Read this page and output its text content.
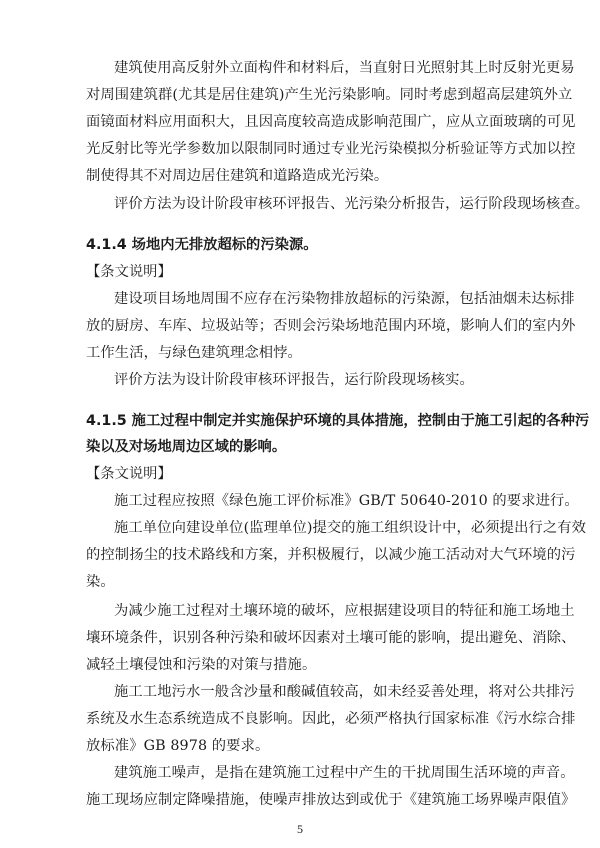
建筑使用高反射外立面构件和材料后，当直射日光照射其上时反射光更易
对周围建筑群(尤其是居住建筑)产生光污染影响。同时考虑到超高层建筑外立
面镜面材料应用面积大，且因高度较高造成影响范围广，应从立面玻璃的可见
光反射比等光学参数加以限制同时通过专业光污染模拟分析验证等方式加以控
制使得其不对周边居住建筑和道路造成光污染。
评价方法为设计阶段审核环评报告、光污染分析报告，运行阶段现场核查。
4.1.4 场地内无排放超标的污染源。
【条文说明】
建设项目场地周围不应存在污染物排放超标的污染源，包括油烟未达标排
放的厨房、车库、垃圾站等；否则会污染场地范围内环境，影响人们的室内外
工作生活，与绿色建筑理念相悖。
评价方法为设计阶段审核环评报告，运行阶段现场核实。
4.1.5 施工过程中制定并实施保护环境的具体措施，控制由于施工引起的各种污
染以及对场地周边区域的影响。
【条文说明】
施工过程应按照《绿色施工评价标准》GB/T 50640-2010 的要求进行。
施工单位向建设单位(监理单位)提交的施工组织设计中，必须提出行之有效
的控制扬尘的技术路线和方案，并积极履行，以减少施工活动对大气环境的污
染。
为减少施工过程对土壤环境的破坏，应根据建设项目的特征和施工场地土
壤环境条件，识别各种污染和破坏因素对土壤可能的影响，提出避免、消除、
减轻土壤侵蚀和污染的对策与措施。
施工工地污水一般含沙量和酸碱值较高，如未经妥善处理，将对公共排污
系统及水生态系统造成不良影响。因此，必须严格执行国家标准《污水综合排
放标准》GB 8978 的要求。
建筑施工噪声，是指在建筑施工过程中产生的干扰周围生活环境的声音。
施工现场应制定降噪措施，使噪声排放达到或优于《建筑施工场界噪声限值》
5
